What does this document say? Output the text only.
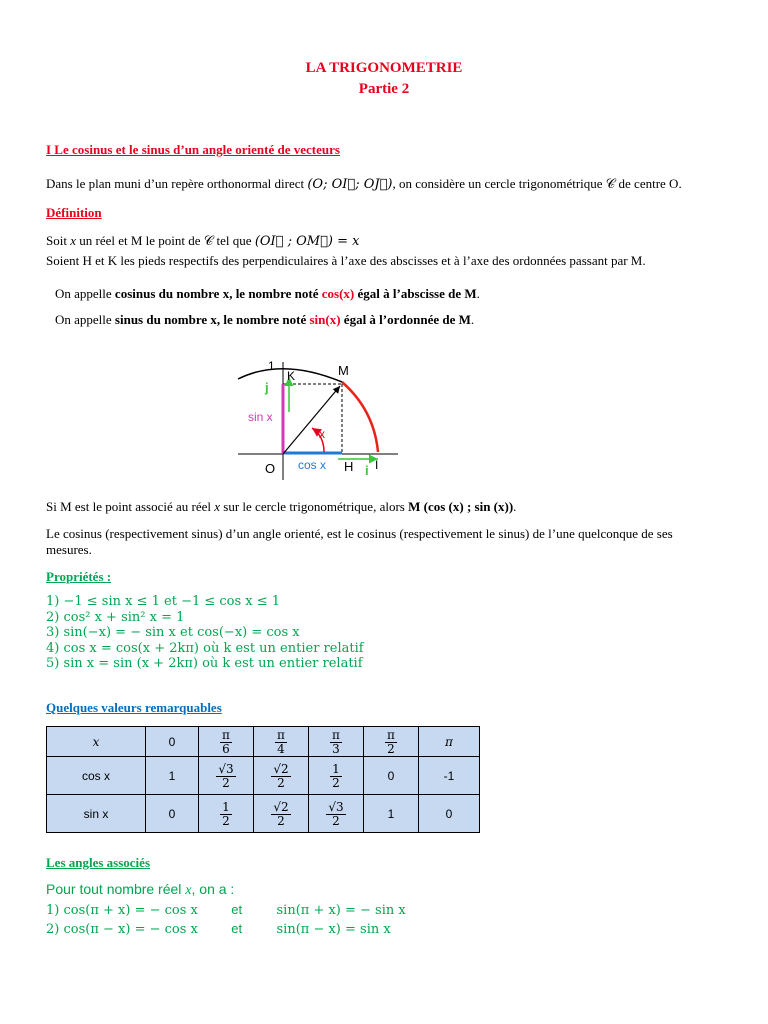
LA TRIGONOMETRIE
Partie 2
I Le cosinus et le sinus d’un angle orienté de vecteurs
Dans le plan muni d’un repère orthonormal direct (O; OI⃗; OJ⃗), on considère un cercle trigonométrique 𝒞 de centre O.
Définition
Soit x un réel et M le point de 𝒞 tel que (OI⃗ ; OM⃗) = x
Soient H et K les pieds respectifs des perpendiculaires à l’axe des abscisses et à l’axe des ordonnées passant par M.
On appelle cosinus du nombre x, le nombre noté cos(x) égal à l’abscisse de M.
On appelle sinus du nombre x, le nombre noté sin(x) égal à l’ordonnée de M.
1
K	M
j
sin x
x
O cos x H i I
Si M est le point associé au réel x sur le cercle trigonométrique, alors M (cos (x) ; sin (x)).
Le cosinus (respectivement sinus) d’un angle orienté, est le cosinus (respectivement le sinus) de l’une quelconque de ses mesures.
Propriétés :
1) −1 ≤ sin x ≤ 1 et −1 ≤ cos x ≤ 1
2) cos² x + sin² x = 1
3) sin(−x) = − sin x et cos(−x) = cos x
4) cos x = cos(x + 2kπ) où k est un entier relatif
5) sin x = sin (x + 2kπ) où k est un entier relatif
Quelques valeurs remarquables
x	0	$\frac{\pi}{6}$	$\frac{\pi}{4}$	$\frac{\pi}{3}$	$\frac{\pi}{2}$	π
cos x	1	$\frac{√3}{2}$	$\frac{√2}{2}$	$\frac{1}{2}$	0	-1
sin x	0	$\frac{1}{2}$	$\frac{√2}{2}$	$\frac{√3}{2}$	1	0
Les angles associés
Pour tout nombre réel x, on a :
1) cos(π + x) = − cos x	et	sin(π + x) = − sin x
2) cos(π − x) = − cos x	et	sin(π − x) = sin x
